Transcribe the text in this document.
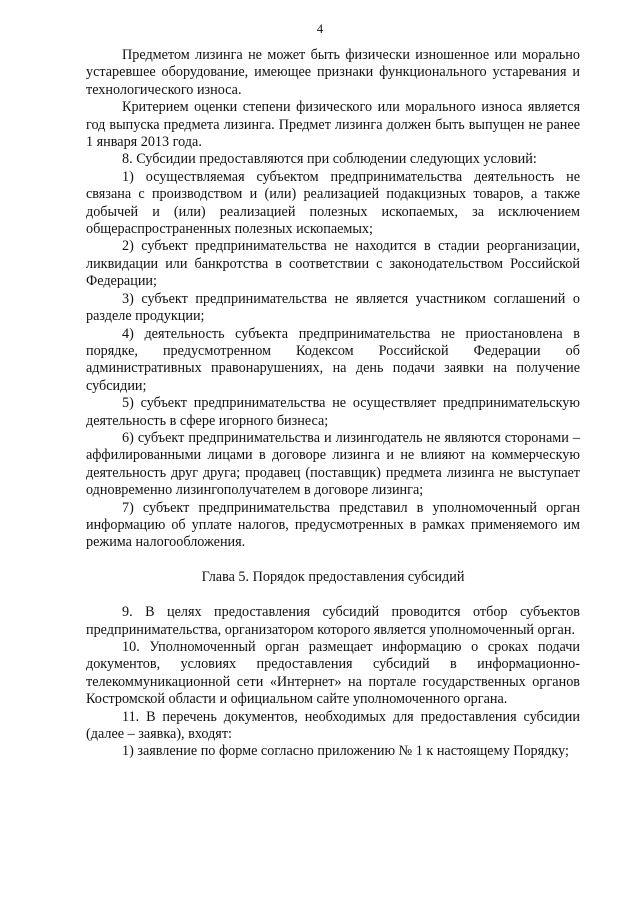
4

Предметом лизинга не может быть физически изношенное или морально устаревшее оборудование, имеющее признаки функционального устаревания и технологического износа.

Критерием оценки степени физического или морального износа является год выпуска предмета лизинга. Предмет лизинга должен быть выпущен не ранее 1 января 2013 года.

8. Субсидии предоставляются при соблюдении следующих условий:

1) осуществляемая субъектом предпринимательства деятельность не связана с производством и (или) реализацией подакцизных товаров, а также добычей и (или) реализацией полезных ископаемых, за исключением общераспространенных полезных ископаемых;

2) субъект предпринимательства не находится в стадии реорганизации, ликвидации или банкротства в соответствии с законодательством Российской Федерации;

3) субъект предпринимательства не является участником соглашений о разделе продукции;

4) деятельность субъекта предпринимательства не приостановлена в порядке, предусмотренном Кодексом Российской Федерации об административных правонарушениях, на день подачи заявки на получение субсидии;

5) субъект предпринимательства не осуществляет предпринимательскую деятельность в сфере игорного бизнеса;

6) субъект предпринимательства и лизингодатель не являются сторонами – аффилированными лицами в договоре лизинга и не влияют на коммерческую деятельность друг друга; продавец (поставщик) предмета лизинга не выступает одновременно лизингополучателем в договоре лизинга;

7) субъект предпринимательства представил в уполномоченный орган информацию об уплате налогов, предусмотренных в рамках применяемого им режима налогообложения.

Глава 5. Порядок предоставления субсидий

9. В целях предоставления субсидий проводится отбор субъектов предпринимательства, организатором которого является уполномоченный орган.

10. Уполномоченный орган размещает информацию о сроках подачи документов, условиях предоставления субсидий в информационно-телекоммуникационной сети «Интернет» на портале государственных органов Костромской области и официальном сайте уполномоченного органа.

11. В перечень документов, необходимых для предоставления субсидии (далее – заявка), входят:

1) заявление по форме согласно приложению № 1 к настоящему Порядку;
